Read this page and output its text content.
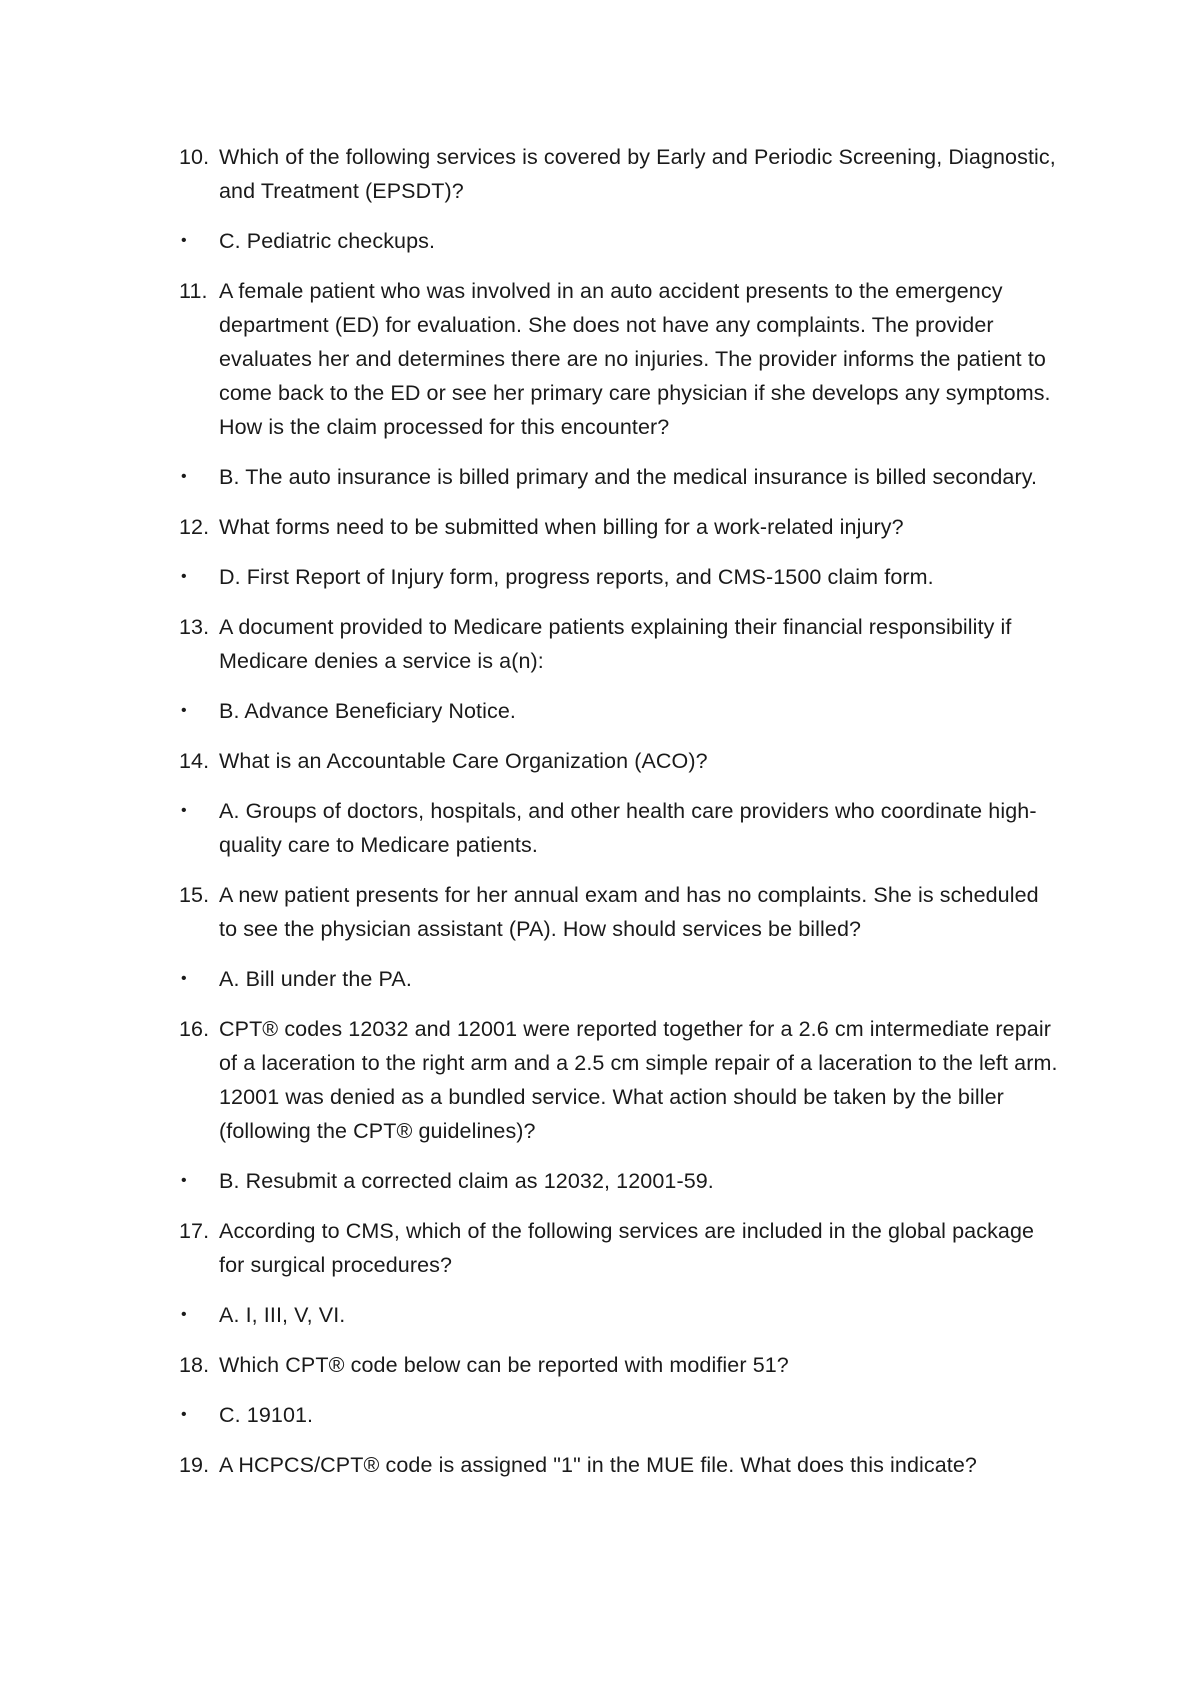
10. Which of the following services is covered by Early and Periodic Screening, Diagnostic, and Treatment (EPSDT)?
•	C. Pediatric checkups.
11. A female patient who was involved in an auto accident presents to the emergency department (ED) for evaluation. She does not have any complaints. The provider evaluates her and determines there are no injuries. The provider informs the patient to come back to the ED or see her primary care physician if she develops any symptoms. How is the claim processed for this encounter?
•	B. The auto insurance is billed primary and the medical insurance is billed secondary.
12. What forms need to be submitted when billing for a work-related injury?
•	D. First Report of Injury form, progress reports, and CMS-1500 claim form.
13. A document provided to Medicare patients explaining their financial responsibility if Medicare denies a service is a(n):
•	B. Advance Beneficiary Notice.
14. What is an Accountable Care Organization (ACO)?
•	A. Groups of doctors, hospitals, and other health care providers who coordinate high-quality care to Medicare patients.
15. A new patient presents for her annual exam and has no complaints. She is scheduled to see the physician assistant (PA). How should services be billed?
•	A. Bill under the PA.
16. CPT® codes 12032 and 12001 were reported together for a 2.6 cm intermediate repair of a laceration to the right arm and a 2.5 cm simple repair of a laceration to the left arm. 12001 was denied as a bundled service. What action should be taken by the biller (following the CPT® guidelines)?
•	B. Resubmit a corrected claim as 12032, 12001-59.
17. According to CMS, which of the following services are included in the global package for surgical procedures?
•	A. I, III, V, VI.
18. Which CPT® code below can be reported with modifier 51?
•	C. 19101.
19. A HCPCS/CPT® code is assigned "1" in the MUE file. What does this indicate?
